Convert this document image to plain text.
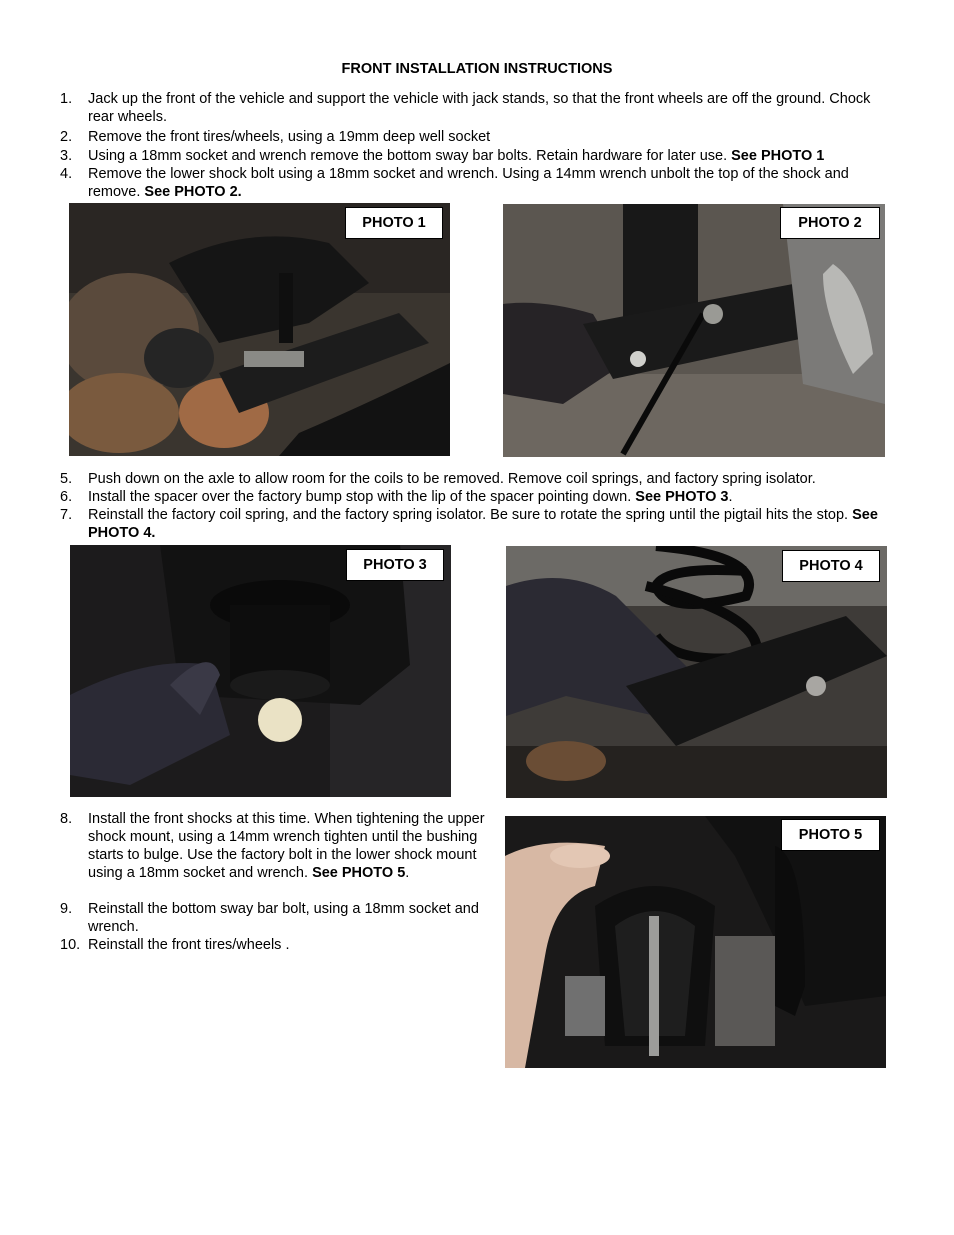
FRONT INSTALLATION INSTRUCTIONS
1.	Jack up the front of the vehicle and support the vehicle with jack stands, so that the front wheels are off the ground. Chock rear wheels.
2.	Remove the front tires/wheels, using a 19mm deep well socket
3.	Using a 18mm socket and wrench remove the bottom sway bar bolts. Retain hardware for later use. See PHOTO 1
4.	Remove the lower shock bolt using a 18mm socket and wrench. Using a 14mm wrench unbolt the top of the shock and remove. See PHOTO 2.
PHOTO 1	PHOTO 2
5.	Push down on the axle to allow room for the coils to be removed. Remove coil springs, and factory spring isolator.
6.	Install the spacer over the factory bump stop with the lip of the spacer pointing down. See PHOTO 3.
7.	Reinstall the factory coil spring, and the factory spring isolator. Be sure to rotate the spring until the pigtail hits the stop. See PHOTO 4.
PHOTO 3	PHOTO 4
8.	Install the front shocks at this time. When tightening the upper shock mount, using a 14mm wrench tighten until the bushing starts to bulge. Use the factory bolt in the lower shock mount using a 18mm socket and wrench. See PHOTO 5.
9.	Reinstall the bottom sway bar bolt, using a 18mm socket and wrench.
10. Reinstall the front tires/wheels .
PHOTO 5
